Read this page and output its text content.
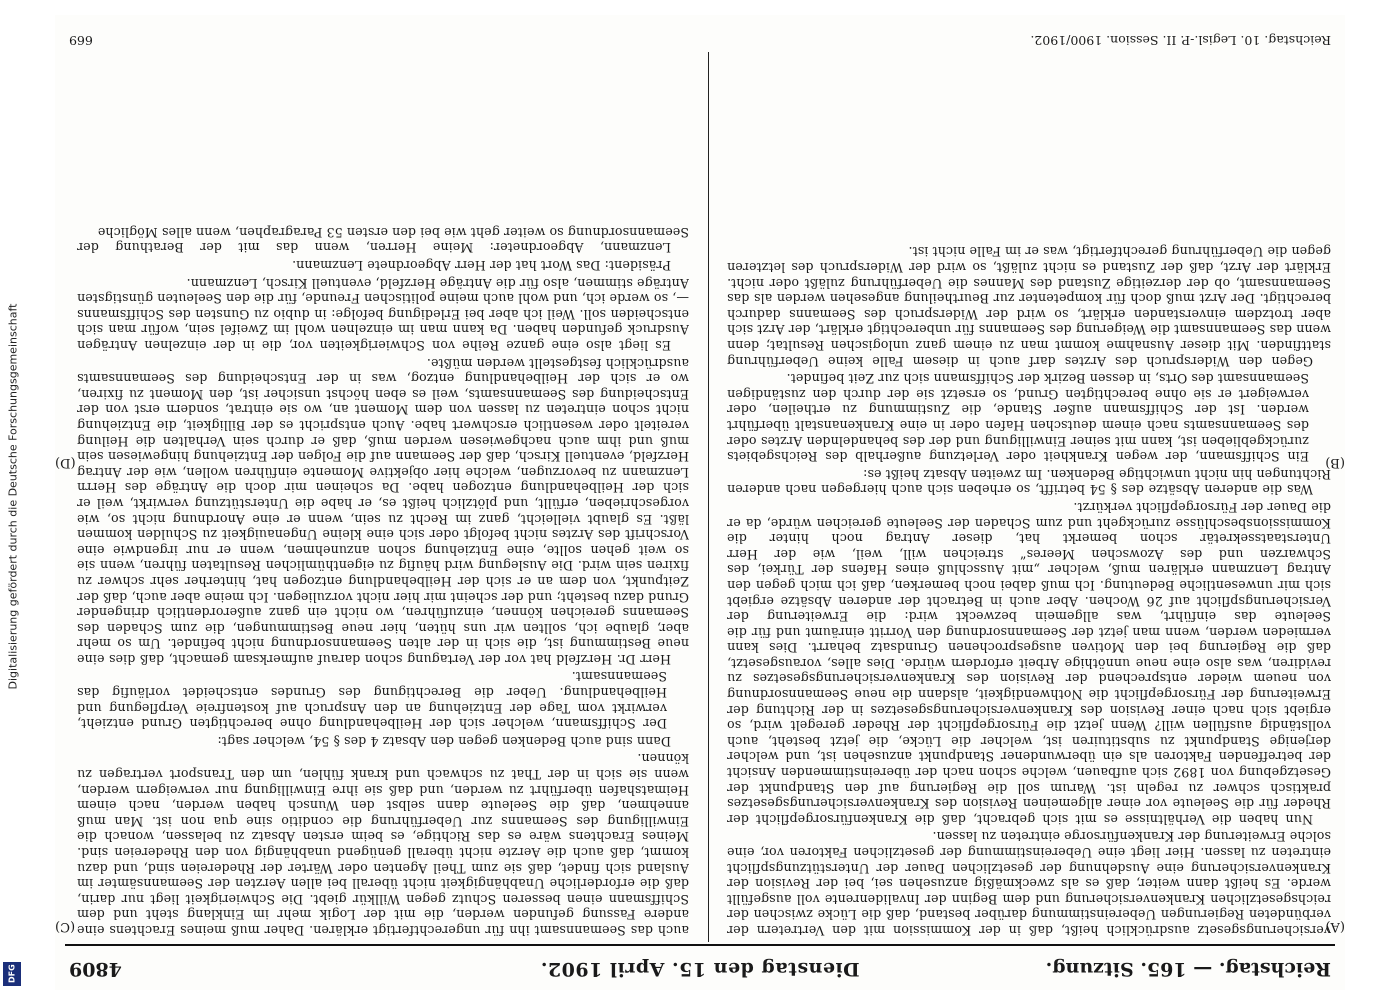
Reichstag. — 165. Sitzung.
Dienstag den 15. April 1902.
4809
(A)
(B)
(C)
(D)

versicherungsgesetz ausdrücklich heißt, daß in der Kommission mit den Vertretern der verbündeten Regierungen Uebereinstimmung darüber bestand, daß die Lücke zwischen der reichsgesetzlichen Krankenversicherung und dem Beginn der Invalidenrente voll ausgefüllt werde. Es heißt dann weiter, daß es als zweckmäßig anzusehen sei, bei der Revision der Krankenversicherung eine Ausdehnung der gesetzlichen Dauer der Unterstützungspflicht eintreten zu lassen. Hier liegt eine Uebereinstimmung der gesetzlichen Faktoren vor, eine solche Erweiterung der Krankenfürsorge eintreten zu lassen.

Nun haben die Verhältnisse es mit sich gebracht, daß die Krankenfürsorgepflicht der Rheder für die Seeleute vor einer allgemeinen Revision des Krankenversicherungsgesetzes praktisch schwer zu regeln ist. Warum soll die Regierung auf den Standpunkt der Gesetzgebung von 1892 sich aufbauen, welche schon nach der übereinstimmenden Ansicht der betreffenden Faktoren als ein überwundener Standpunkt anzusehen ist, und welcher derjenige Standpunkt zu substituiren ist, welcher die Lücke, die jetzt besteht, auch vollständig ausfüllen will? Wenn jetzt die Fürsorgepflicht der Rheder geregelt wird, so ergiebt sich nach einer Revision des Krankenversicherungsgesetzes in der Richtung der Erweiterung der Fürsorgepflicht die Nothwendigkeit, alsdann die neue Seemannsordnung von neuem wieder entsprechend der Revision des Krankenversicherungsgesetzes zu revidiren, was also eine neue unnöthige Arbeit erfordern würde. Dies alles, vorausgesetzt, daß die Regierung bei den Motiven ausgesprochenen Grundsatz beharrt. Dies kann vermieden werden, wenn man jetzt der Seemannsordnung den Vorritt einräumt und für die Seeleute das einführt, was allgemein bezweckt wird: die Erweiterung der Versicherungspflicht auf 26 Wochen. Aber auch in Betracht der anderen Absätze ergiebt sich mir unwesentliche Bedeutung. Ich muß dabei noch bemerken, daß ich mich gegen den Antrag Lenzmann erklären muß, welcher „mit Ausschluß eines Hafens der Türkei, des Schwarzen und des Azowschen Meeres“ streichen will, weil, wie der Herr Unterstaatssekretär schon bemerkt hat, dieser Antrag noch hinter die Kommissionsbeschlüsse zurückgeht und zum Schaden der Seeleute gereichen würde, da er die Dauer der Fürsorgepflicht verkürzt.

Was die anderen Absätze des § 54 betrifft, so erheben sich auch hiergegen nach anderen Richtungen hin nicht unwichtige Bedenken. Im zweiten Absatz heißt es:

Ein Schiffsmann, der wegen Krankheit oder Verletzung außerhalb des Reichsgebiets zurückgeblieben ist, kann mit seiner Einwilligung und der des behandelnden Arztes oder des Seemannsamts nach einem deutschen Hafen oder in eine Krankenanstalt überführt werden. Ist der Schiffsmann außer Stande, die Zustimmung zu ertheilen, oder verweigert er sie ohne berechtigten Grund, so ersetzt sie der durch den zuständigen Seemannsamt des Orts, in dessen Bezirk der Schiffsmann sich zur Zeit befindet.

Gegen den Widerspruch des Arztes darf auch in diesem Falle keine Ueberführung stattfinden. Mit dieser Ausnahme kommt man zu einem ganz unlogischen Resultat; denn wenn das Seemannsamt die Weigerung des Seemanns für unberechtigt erklärt, der Arzt sich aber trotzdem einverstanden erklärt, so wird der Widerspruch des Seemanns dadurch berechtigt. Der Arzt muß doch für kompetenter zur Beurtheilung angesehen werden als das Seemannsamt, ob der derzeitige Zustand des Mannes die Ueberführung zuläßt oder nicht. Erklärt der Arzt, daß der Zustand es nicht zuläßt, so wird der Widerspruch des letzteren gegen die Ueberführung gerechtfertigt, was er im Falle nicht ist.

auch das Seemannsamt ihn für ungerechtfertigt erklären. Daher muß meines Erachtens eine andere Fassung gefunden werden, die mit der Logik mehr im Einklang steht und dem Schiffsmann einen besseren Schutz gegen Willkür giebt. Die Schwierigkeit liegt nur darin, daß die erforderliche Unabhängigkeit nicht überall bei allen Aerzten der Seemannsämter im Ausland sich findet, daß sie zum Theil Agenten oder Wärter der Rhedereien sind, und dazu kommt, daß auch die Aerzte nicht überall genügend unabhängig von den Rhedereien sind. Meines Erachtens wäre es das Richtige, es beim ersten Absatz zu belassen, wonach die Einwilligung des Seemanns zur Ueberführung die conditio sine qua non ist. Man muß annehmen, daß die Seeleute dann selbst den Wunsch haben werden, nach einem Heimatshafen überführt zu werden, und daß sie ihre Einwilligung nur verweigern werden, wenn sie sich in der That zu schwach und krank fühlen, um den Transport vertragen zu können.

Dann sind auch Bedenken gegen den Absatz 4 des § 54, welcher sagt:

Der Schiffsmann, welcher sich der Heilbehandlung ohne berechtigten Grund entzieht, verwirkt vom Tage der Entziehung an den Anspruch auf kostenfreie Verpflegung und Heilbehandlung. Ueber die Berechtigung des Grundes entscheidet vorläufig das Seemannsamt.

Herr Dr. Herzfeld hat vor der Vertagung schon darauf aufmerksam gemacht, daß dies eine neue Bestimmung ist, die sich in der alten Seemannsordnung nicht befindet. Um so mehr aber, glaube ich, sollten wir uns hüten, hier neue Bestimmungen, die zum Schaden des Seemanns gereichen können, einzuführen, wo nicht ein ganz außerordentlich dringender Grund dazu besteht; und der scheint mir hier nicht vorzuliegen. Ich meine aber auch, daß der Zeitpunkt, von dem an er sich der Heilbehandlung entzogen hat, hinterher sehr schwer zu fixiren sein wird. Die Auslegung wird häufig zu eigenthümlichen Resultaten führen, wenn sie so weit gehen sollte, eine Entziehung schon anzunehmen, wenn er nur irgendwie eine Vorschrift des Arztes nicht befolgt oder sich eine kleine Ungenauigkeit zu Schulden kommen läßt. Es glaubt vielleicht, ganz im Recht zu sein, wenn er eine Anordnung nicht so, wie vorgeschrieben, erfüllt, und plötzlich heißt es, er habe die Unterstützung verwirkt, weil er sich der Heilbehandlung entzogen habe. Da scheinen mir doch die Anträge des Herrn Lenzmann zu bevorzugen, welche hier objektive Momente einführen wollen, wie der Antrag Herzfeld, eventuell Kirsch, daß der Seemann auf die Folgen der Entziehung hingewiesen sein muß und ihm auch nachgewiesen werden muß, daß er durch sein Verhalten die Heilung vereitelt oder wesentlich erschwert habe. Auch entspricht es der Billigkeit, die Entziehung nicht schon eintreten zu lassen von dem Moment an, wo sie eintrat, sondern erst von der Entscheidung des Seemannsamts, weil es eben höchst unsicher ist, den Moment zu fixiren, wo er sich der Heilbehandlung entzog, was in der Entscheidung des Seemannsamts ausdrücklich festgestellt werden müßte.

Es liegt also eine ganze Reihe von Schwierigkeiten vor, die in der einzelnen Anträgen Ausdruck gefunden haben. Da kann man im einzelnen wohl im Zweifel sein, wofür man sich entscheiden soll. Weil ich aber bei Erledigung befolge: in dubio zu Gunsten des Schiffsmanns —, so werde ich, und wohl auch meine politischen Freunde, für die den Seeleuten günstigsten Anträge stimmen, also für die Anträge Herzfeld, eventuell Kirsch, Lenzmann.

Präsident: Das Wort hat der Herr Abgeordnete Lenzmann.

Lenzmann, Abgeordneter: Meine Herren, wenn das mit der Berathung der Seemannsordnung so weiter geht wie bei den ersten 53 Paragraphen, wenn alles Mögliche

Reichstag. 10. Legisl.-P. II. Session. 1900/1902.
669
Digitalisierung gefördert durch die Deutsche Forschungsgemeinschaft
DFG
